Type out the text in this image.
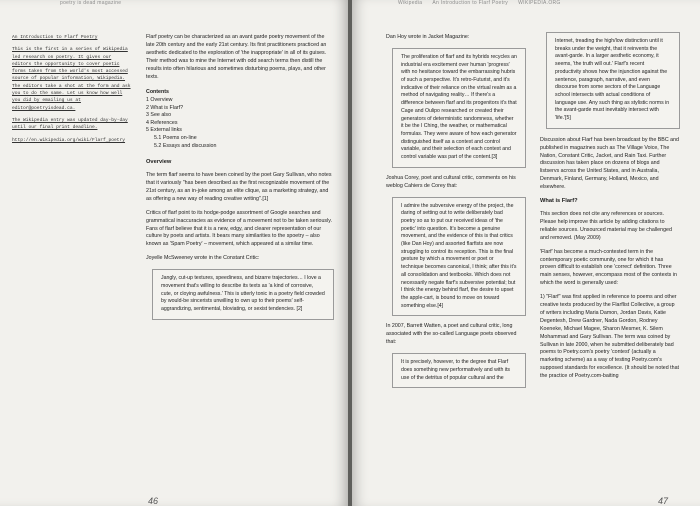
poetry is dead magazine

An Introduction to Flarf Poetry

This is the first in a series of Wikipedia led research on poetry. It gives our editors the opportunity to cover poetic forms taken from the world's most accessed source of popular information, Wikipedia. The editors take a shot at the form and ask you to do the same. Let us know how well you did by emailing us at editor@poetryisdead.ca.

The Wikipedia entry was updated day-by-day until our final print deadline.

http://en.wikipedia.org/wiki/Flarf_poetry

Flarf poetry can be characterized as an avant garde poetry movement of the late 20th century and the early 21st century. Its first practitioners practiced an aesthetic dedicated to the exploration of 'the inappropriate' in all of its guises. Their method was to mine the Internet with odd search terms then distill the results into often hilarious and sometimes disturbing poems, plays, and other texts.

Contents
1 Overview
2 What is Flarf?
3 See also
4 References
5 External links
5.1 Poems on-line
5.2 Essays and discussion
Overview

The term flarf seems to have been coined by the poet Gary Sullivan, who notes that it variously "has been described as the first recognizable movement of the 21st century, as an in-joke among an elite clique, as a marketing strategy, and as offering a new way of reading creative writing".[1]

Critics of flarf point to its hodge-podge assortment of Google searches and grammatical inaccuracies as evidence of a movement not to be taken seriously. Fans of flarf believe that it is a new, edgy, and clearer representation of our culture by poets and artists. It bears many similarities to the spoetry – also known as 'Spam Poetry' – movement, which appeared at a similar time.

Joyelle McSweeney wrote in the Constant Critic:

Jangly, cut-up textures, speediness, and bizarre trajectories… I love a movement that's willing to describe its texts as 'a kind of corrosive, cute, or cloying awfulness.' This is utterly tonic in a poetry field crowded by would-be sincerists unwilling to own up to their poems' self-aggrandizing, sentimental, bloviating, or sexist tendencies. [2]
46
Wikipedia An Introduction to Flarf Poetry WIKIPEDIA.ORG

Dan Hoy wrote in Jacket Magazine:

The proliferation of flarf and its hybrids recycles an industrial era excitement over human 'progress' with no hesitance toward the embarrassing hubris of such a perspective. It's retro-Futurist, and it's indicative of their reliance on the virtual realm as a method of navigating reality… If there's a difference between flarf and its progenitors it's that Cage and Oulipo researched or created their generators of deterministic randomness, whether it be the I Ching, the weather, or mathematical formulas. They were aware of how each generator distinguished itself as a context and control variable, and their selection of each context and control variable was part of the content.[3]

Joshua Corey, poet and cultural critic, comments on his weblog Cahiers de Corey that:

I admire the subversive energy of the project, the daring of setting out to write deliberately bad poetry so as to put our received ideas of 'the poetic' into question. It's become a genuine movement, and the evidence of this is that critics (like Dan Hoy) and assorted flarfists are now struggling to control its reception. This is the final gesture by which a movement or poet or technique becomes canonical, I think; after this it's all consolidation and textbooks. Which does not necessarily negate flarf's subversive potential; but I think the energy behind flarf, the desire to upset the apple-cart, is bound to move on toward something else.[4]

In 2007, Barrett Watten, a poet and cultural critic, long associated with the so-called Language poets observed that:

It is precisely, however, to the degree that Flarf does something new performatively and with its use of the detritus of popular cultural and the
Internet, treading the high/low distinction until it breaks under the weight, that it reinvents the avant-garde. In a larger aesthetic economy, it seems, 'the truth will out.' Flarf's recent productivity shows how the injunction against the sentence, paragraph, narrative, and even discourse from some sectors of the Language school intersects with actual conditions of language use. Any such thing as stylistic norms in the avant-garde must inevitably intersect with 'life.'[5]

Discussion about Flarf has been broadcast by the BBC and published in magazines such as The Village Voice, The Nation, Constant Critic, Jacket, and Rain Taxi. Further discussion has taken place on dozens of blogs and listservs across the United States, and in Australia, Denmark, Finland, Germany, Holland, Mexico, and elsewhere.

What is Flarf?

This section does not cite any references or sources. Please help improve this article by adding citations to reliable sources. Unsourced material may be challenged and removed. (May 2009)

'Flarf' has become a much-contested term in the contemporary poetic community, one for which it has proven difficult to establish one 'correct' definition. Three main senses, however, encompass most of the contexts in which the word is generally used:

1) "Flarf" was first applied in reference to poems and other creative texts produced by the Flarflist Collective, a group of writers including Maria Damon, Jordan Davis, Katie Degentesh, Drew Gardner, Nada Gordon, Rodney Koeneke, Michael Magee, Sharon Mesmer, K. Silem Mohammad and Gary Sullivan. The term was coined by Sullivan in late 2000, when he submitted deliberately bad poems to Poetry.com's poetry 'contest' (actually a marketing scheme) as a way of testing Poetry.com's supposed standards for excellence. (It should be noted that the practice of Poetry.com-baiting

47
